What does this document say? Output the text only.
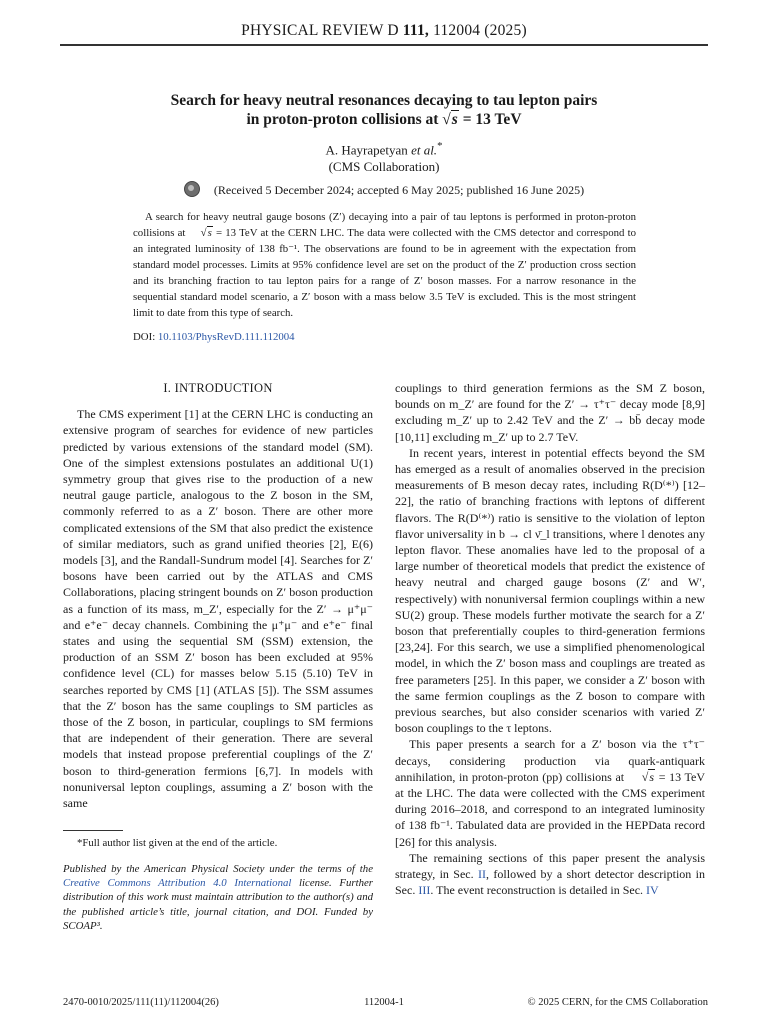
PHYSICAL REVIEW D 111, 112004 (2025)
Search for heavy neutral resonances decaying to tau lepton pairs
in proton-proton collisions at √s = 13 TeV
A. Hayrapetyan et al.*
(CMS Collaboration)
(Received 5 December 2024; accepted 6 May 2025; published 16 June 2025)

A search for heavy neutral gauge bosons (Z′) decaying into a pair of tau leptons is performed in proton-proton collisions at √s = 13 TeV at the CERN LHC. The data were collected with the CMS detector and correspond to an integrated luminosity of 138 fb⁻¹. The observations are found to be in agreement with the expectation from standard model processes. Limits at 95% confidence level are set on the product of the Z′ production cross section and its branching fraction to tau lepton pairs for a range of Z′ boson masses. For a narrow resonance in the sequential standard model scenario, a Z′ boson with a mass below 3.5 TeV is excluded. This is the most stringent limit to date from this type of search.

DOI: 10.1103/PhysRevD.111.112004
I. INTRODUCTION

The CMS experiment [1] at the CERN LHC is conducting an extensive program of searches for evidence of new particles predicted by various extensions of the standard model (SM). One of the simplest extensions postulates an additional U(1) symmetry group that gives rise to the production of a new neutral gauge particle, analogous to the Z boson in the SM, commonly referred to as a Z′ boson. There are other more complicated extensions of the SM that also predict the existence of similar mediators, such as grand unified theories [2], E(6) models [3], and the Randall-Sundrum model [4]. Searches for Z′ bosons have been carried out by the ATLAS and CMS Collaborations, placing stringent bounds on Z′ boson production as a function of its mass, m_Z′, especially for the Z′ → μ⁺μ⁻ and e⁺e⁻ decay channels. Combining the μ⁺μ⁻ and e⁺e⁻ final states and using the sequential SM (SSM) extension, the production of an SSM Z′ boson has been excluded at 95% confidence level (CL) for masses below 5.15 (5.10) TeV in searches reported by CMS [1] (ATLAS [5]). The SSM assumes that the Z′ boson has the same couplings to SM particles as those of the Z boson, in particular, couplings to SM fermions that are independent of their generation. There are several models that instead propose preferential couplings of the Z′ boson to third-generation fermions [6,7]. In models with nonuniversal lepton couplings, assuming a Z′ boson with the same

couplings to third generation fermions as the SM Z boson, bounds on m_Z′ are found for the Z′ → τ⁺τ⁻ decay mode [8,9] excluding m_Z′ up to 2.42 TeV and the Z′ → bb̄ decay mode [10,11] excluding m_Z′ up to 2.7 TeV.

In recent years, interest in potential effects beyond the SM has emerged as a result of anomalies observed in the precision measurements of B meson decay rates, including R(D⁽*⁾) [12–22], the ratio of branching fractions with leptons of different flavors. The R(D⁽*⁾) ratio is sensitive to the violation of lepton flavor universality in b → cl ν̄_l transitions, where l denotes any lepton flavor. These anomalies have led to the proposal of a large number of theoretical models that predict the existence of heavy neutral and charged gauge bosons (Z′ and W′, respectively) with nonuniversal fermion couplings within a new SU(2) group. These models further motivate the search for a Z′ boson that preferentially couples to third-generation fermions [23,24]. For this search, we use a simplified phenomenological model, in which the Z′ boson mass and couplings are treated as free parameters [25]. In this paper, we consider a Z′ boson with the same fermion couplings as the Z boson to compare with previous searches, but also consider scenarios with varied Z′ boson couplings to the τ leptons.

This paper presents a search for a Z′ boson via the τ⁺τ⁻ decays, considering production via quark-antiquark annihilation, in proton-proton (pp) collisions at √s = 13 TeV at the LHC. The data were collected with the CMS experiment during 2016–2018, and correspond to an integrated luminosity of 138 fb⁻¹. Tabulated data are provided in the HEPData record [26] for this analysis.

The remaining sections of this paper present the analysis strategy, in Sec. II, followed by a short detector description in Sec. III. The event reconstruction is detailed in Sec. IV

*Full author list given at the end of the article.
Published by the American Physical Society under the terms of the Creative Commons Attribution 4.0 International license. Further distribution of this work must maintain attribution to the author(s) and the published article’s title, journal citation, and DOI. Funded by SCOAP³.
2470-0010/2025/111(11)/112004(26)	112004-1	© 2025 CERN, for the CMS Collaboration
